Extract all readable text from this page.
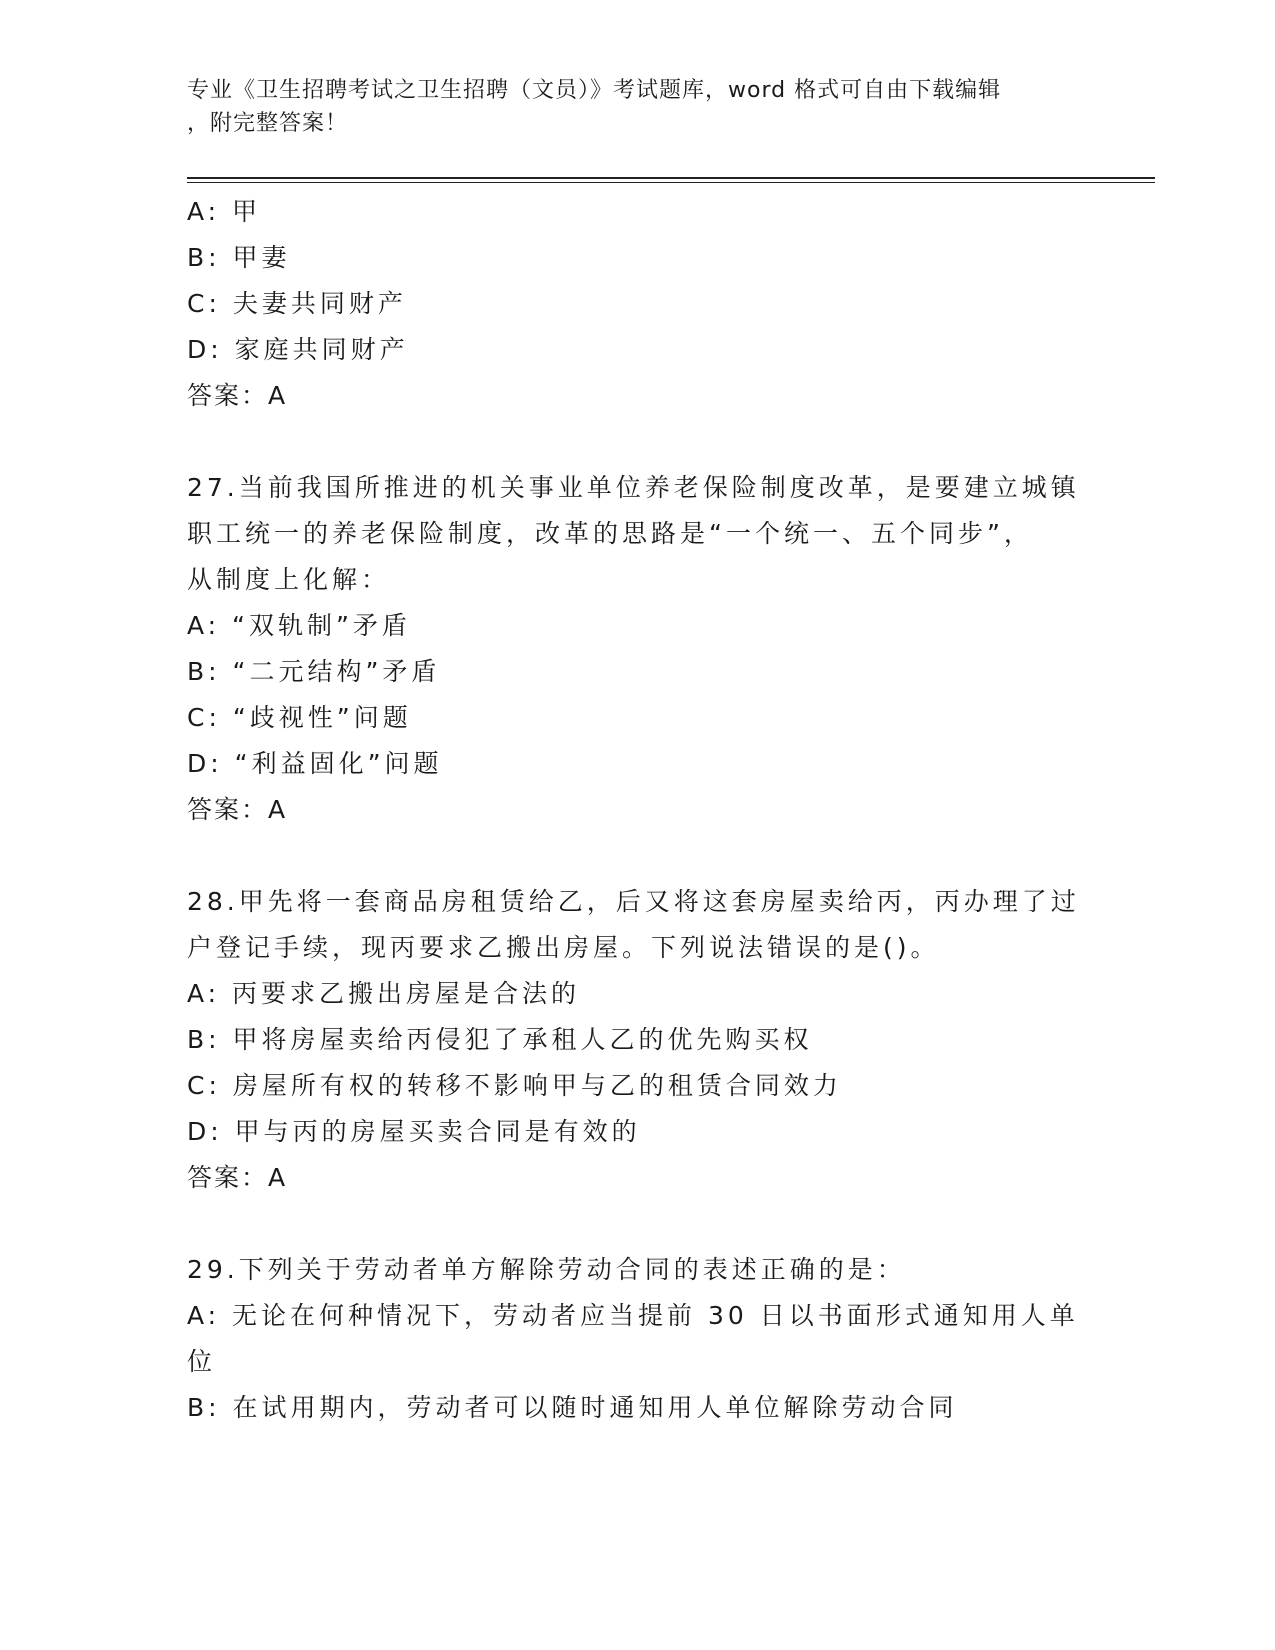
专业《卫生招聘考试之卫生招聘（文员）》考试题库，word 格式可自由下载编辑
，附完整答案！
A: 甲
B: 甲妻
C: 夫妻共同财产
D: 家庭共同财产
答案：A
27.当前我国所推进的机关事业单位养老保险制度改革，是要建立城镇
职工统一的养老保险制度，改革的思路是“一个统一、五个同步”，
从制度上化解：
A: “双轨制”矛盾
B: “二元结构”矛盾
C: “歧视性”问题
D: “利益固化”问题
答案：A
28.甲先将一套商品房租赁给乙，后又将这套房屋卖给丙，丙办理了过
户登记手续，现丙要求乙搬出房屋。下列说法错误的是()。
A: 丙要求乙搬出房屋是合法的
B: 甲将房屋卖给丙侵犯了承租人乙的优先购买权
C: 房屋所有权的转移不影响甲与乙的租赁合同效力
D: 甲与丙的房屋买卖合同是有效的
答案：A
29.下列关于劳动者单方解除劳动合同的表述正确的是：
A: 无论在何种情况下，劳动者应当提前 30 日以书面形式通知用人单
位
B: 在试用期内，劳动者可以随时通知用人单位解除劳动合同
